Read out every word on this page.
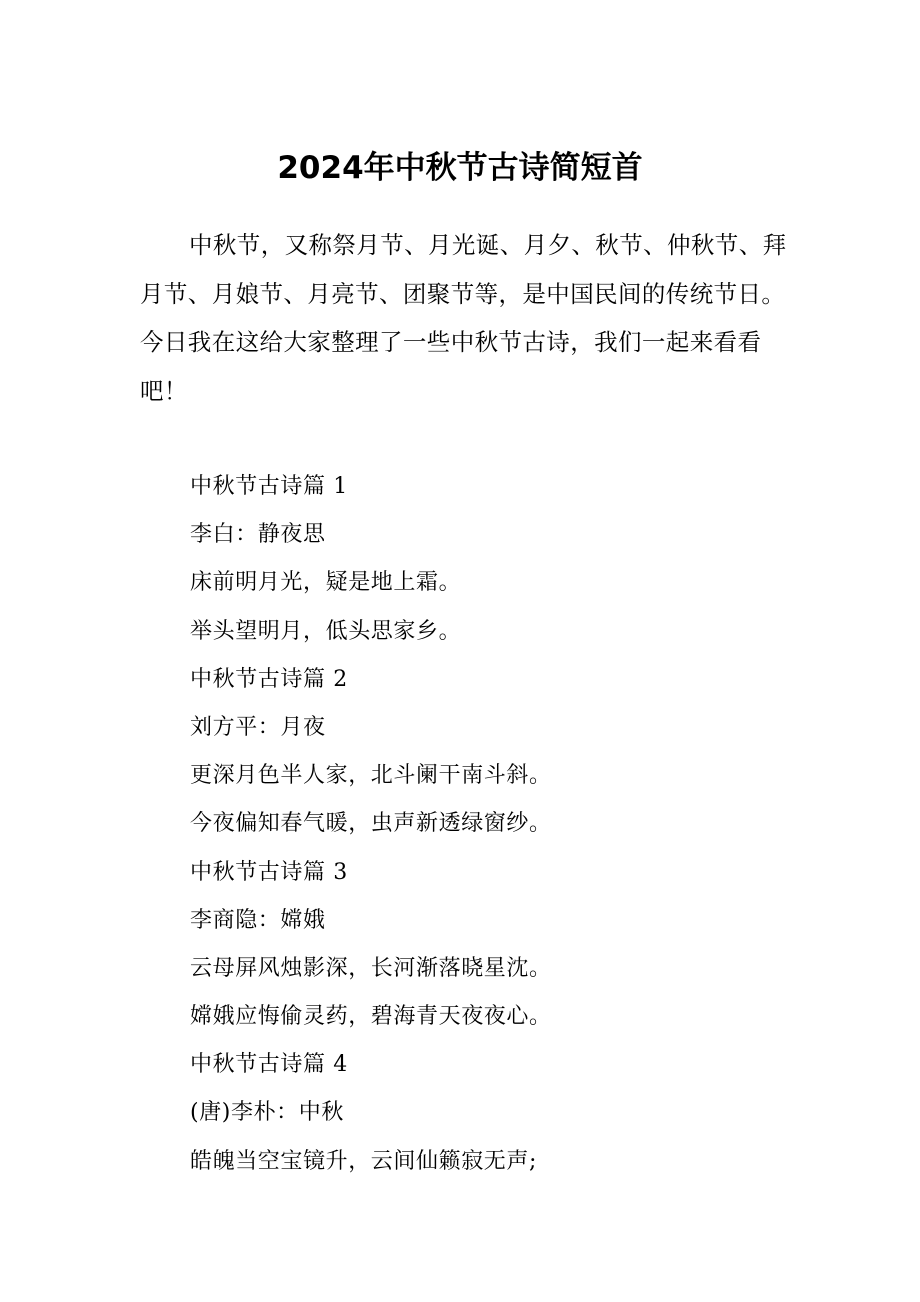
2024年中秋节古诗简短首

中秋节，又称祭月节、月光诞、月夕、秋节、仲秋节、拜月节、月娘节、月亮节、团聚节等，是中国民间的传统节日。今日我在这给大家整理了一些中秋节古诗，我们一起来看看吧！

中秋节古诗篇 1
李白：静夜思
床前明月光，疑是地上霜。
举头望明月，低头思家乡。
中秋节古诗篇 2
刘方平：月夜
更深月色半人家，北斗阑干南斗斜。
今夜偏知春气暖，虫声新透绿窗纱。
中秋节古诗篇 3
李商隐：嫦娥
云母屏风烛影深，长河渐落晓星沈。
嫦娥应悔偷灵药，碧海青天夜夜心。
中秋节古诗篇 4
(唐)李朴：中秋
皓魄当空宝镜升，云间仙籁寂无声;
